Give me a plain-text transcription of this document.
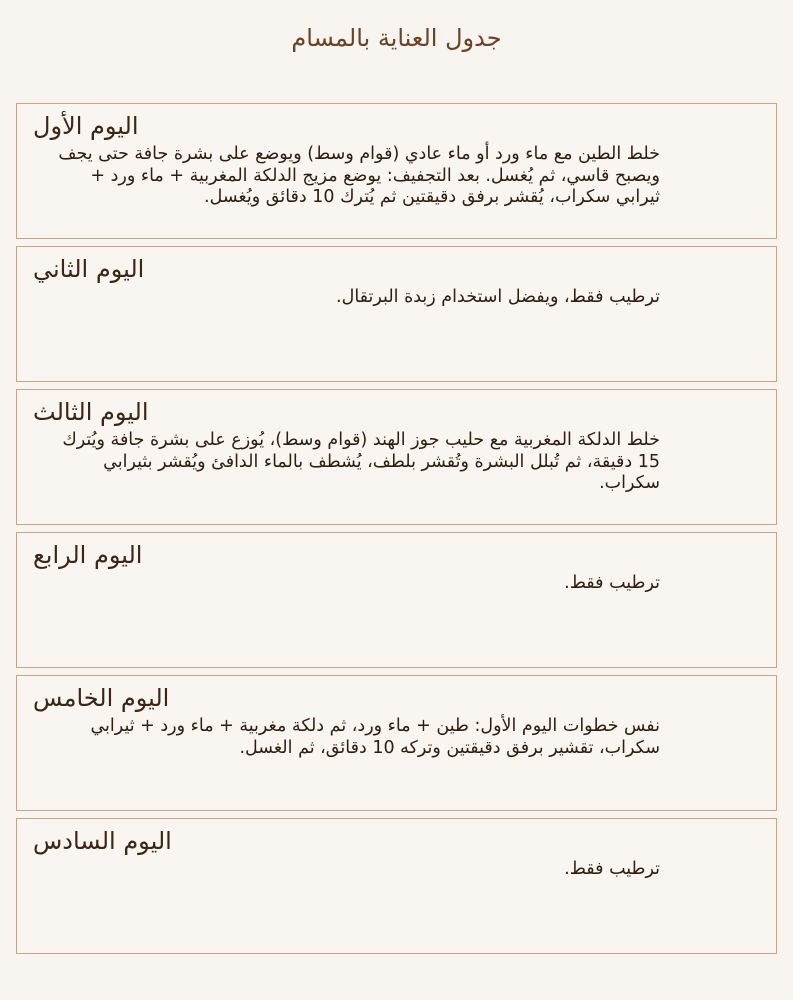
جدول العناية بالمسام
اليوم الأول

خلط الطين مع ماء ورد أو ماء عادي (قوام وسط) ويوضع على بشرة جافة حتى يجف ويصبح قاسي، ثم يُغسل. بعد التجفيف: يوضع مزيج الدلكة المغربية + ماء ورد + ثيرابي سكراب، يُقشر برفق دقيقتين ثم يُترك 10 دقائق ويُغسل.

اليوم الثاني

ترطيب فقط، ويفضل استخدام زبدة البرتقال.

اليوم الثالث

خلط الدلكة المغربية مع حليب جوز الهند (قوام وسط)، يُوزع على بشرة جافة ويُترك 15 دقيقة، ثم تُبلل البشرة وتُقشر بلطف، يُشطف بالماء الدافئ ويُقشر بثيرابي سكراب.

اليوم الرابع

ترطيب فقط.

اليوم الخامس

نفس خطوات اليوم الأول: طين + ماء ورد، ثم دلكة مغربية + ماء ورد + ثيرابي سكراب، تقشير برفق دقيقتين وتركه 10 دقائق، ثم الغسل.

اليوم السادس

ترطيب فقط.
